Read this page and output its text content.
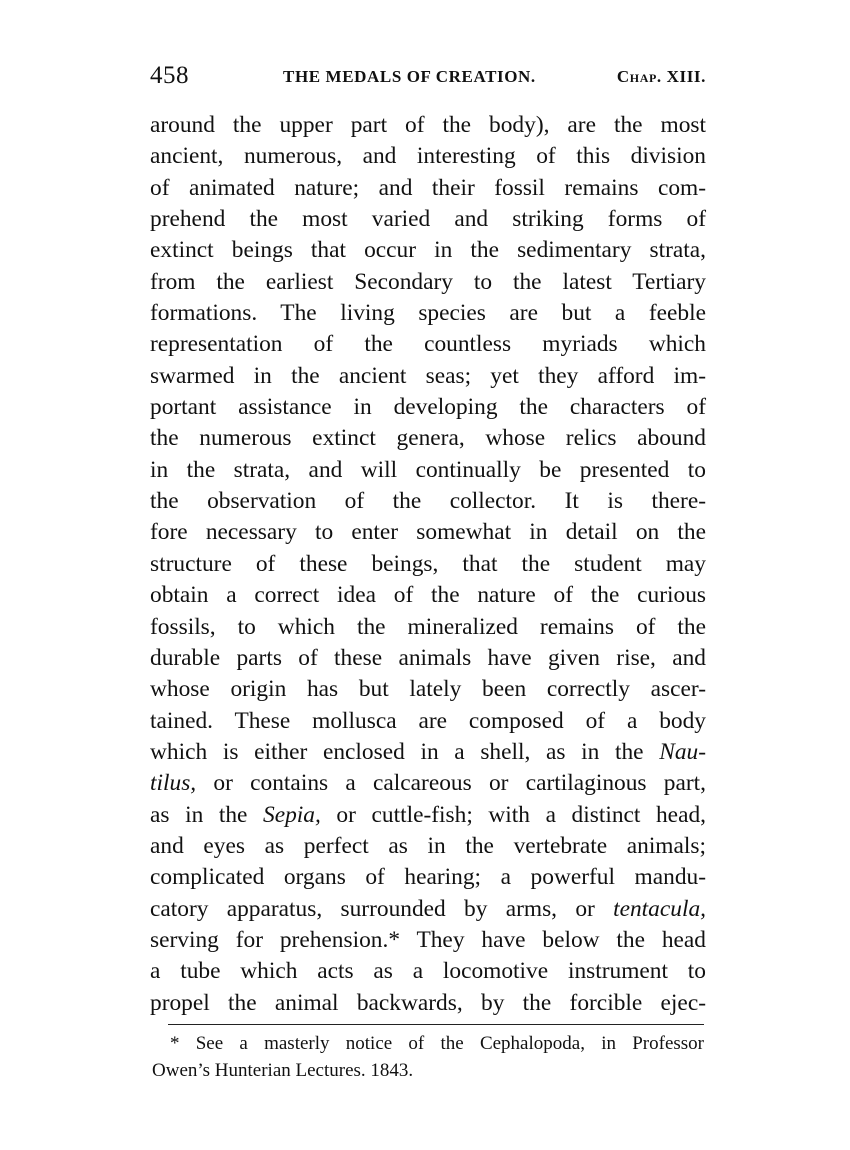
458	THE MEDALS OF CREATION.	Chap. XIII.
around the upper part of the body), are the most
ancient, numerous, and interesting of this division
of animated nature; and their fossil remains com-
prehend the most varied and striking forms of
extinct beings that occur in the sedimentary strata,
from the earliest Secondary to the latest Tertiary
formations. The living species are but a feeble
representation of the countless myriads which
swarmed in the ancient seas; yet they afford im-
portant assistance in developing the characters of
the numerous extinct genera, whose relics abound
in the strata, and will continually be presented to
the observation of the collector. It is there-
fore necessary to enter somewhat in detail on the
structure of these beings, that the student may
obtain a correct idea of the nature of the curious
fossils, to which the mineralized remains of the
durable parts of these animals have given rise, and
whose origin has but lately been correctly ascer-
tained. These mollusca are composed of a body
which is either enclosed in a shell, as in the Nau-
tilus, or contains a calcareous or cartilaginous part,
as in the Sepia, or cuttle-fish; with a distinct head,
and eyes as perfect as in the vertebrate animals;
complicated organs of hearing; a powerful mandu-
catory apparatus, surrounded by arms, or tentacula,
serving for prehension.* They have below the head
a tube which acts as a locomotive instrument to
propel the animal backwards, by the forcible ejec-
* See a masterly notice of the Cephalopoda, in Professor
Owen’s Hunterian Lectures. 1843.
